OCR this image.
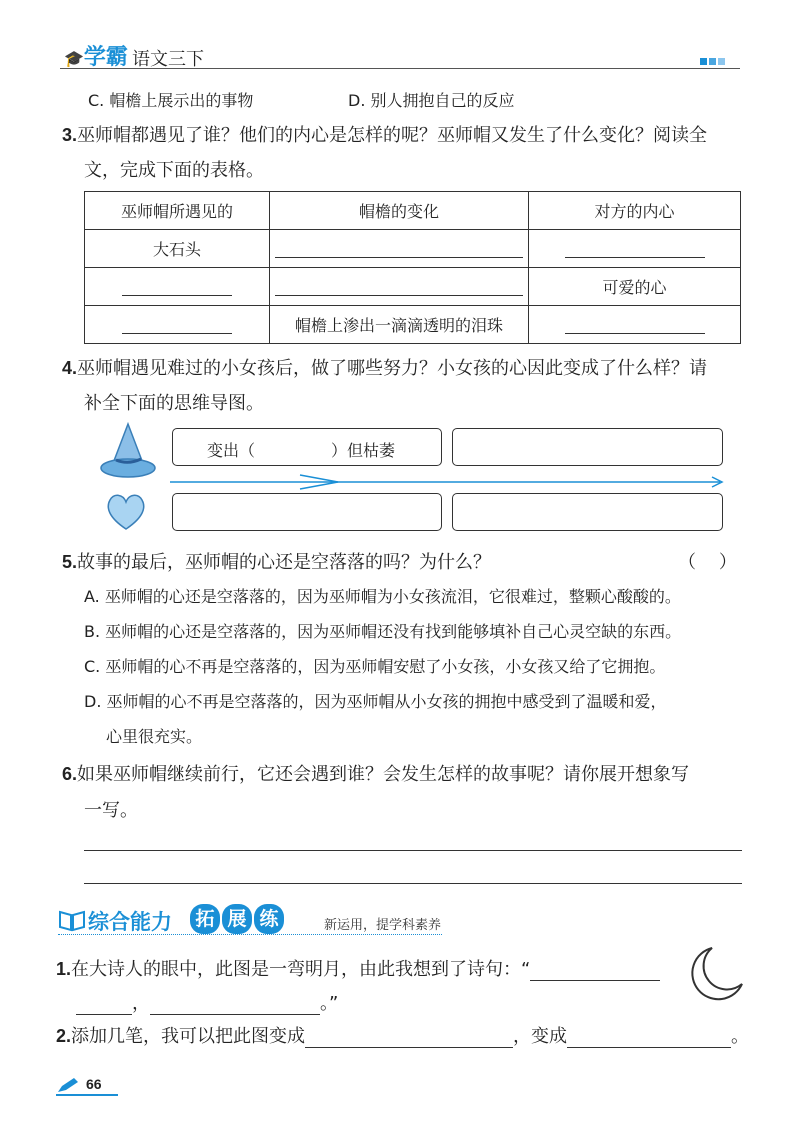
🎓学霸 语文三下
C. 帽檐上展示出的事物	D. 别人拥抱自己的反应
3.巫师帽都遇见了谁？他们的内心是怎样的呢？巫师帽又发生了什么变化？阅读全
文，完成下面的表格。
巫师帽所遇见的	帽檐的变化	对方的内心
大石头		
		可爱的心
	帽檐上渗出一滴滴透明的泪珠	
4.巫师帽遇见难过的小女孩后，做了哪些努力？小女孩的心因此变成了什么样？请
补全下面的思维导图。
变出（	）但枯萎
5.故事的最后，巫师帽的心还是空落落的吗？为什么？	（    ）
A. 巫师帽的心还是空落落的，因为巫师帽为小女孩流泪，它很难过，整颗心酸酸的。
B. 巫师帽的心还是空落落的，因为巫师帽还没有找到能够填补自己心灵空缺的东西。
C. 巫师帽的心不再是空落落的，因为巫师帽安慰了小女孩，小女孩又给了它拥抱。
D. 巫师帽的心不再是空落落的，因为巫师帽从小女孩的拥抱中感受到了温暖和爱，
心里很充实。
6.如果巫师帽继续前行，它还会遇到谁？会发生怎样的故事呢？请你展开想象写
一写。
综合能力 拓 展 练	新运用，提学科素养
1.在大诗人的眼中，此图是一弯明月，由此我想到了诗句：“
，	。”
2.添加几笔，我可以把此图变成	，变成	。
66
